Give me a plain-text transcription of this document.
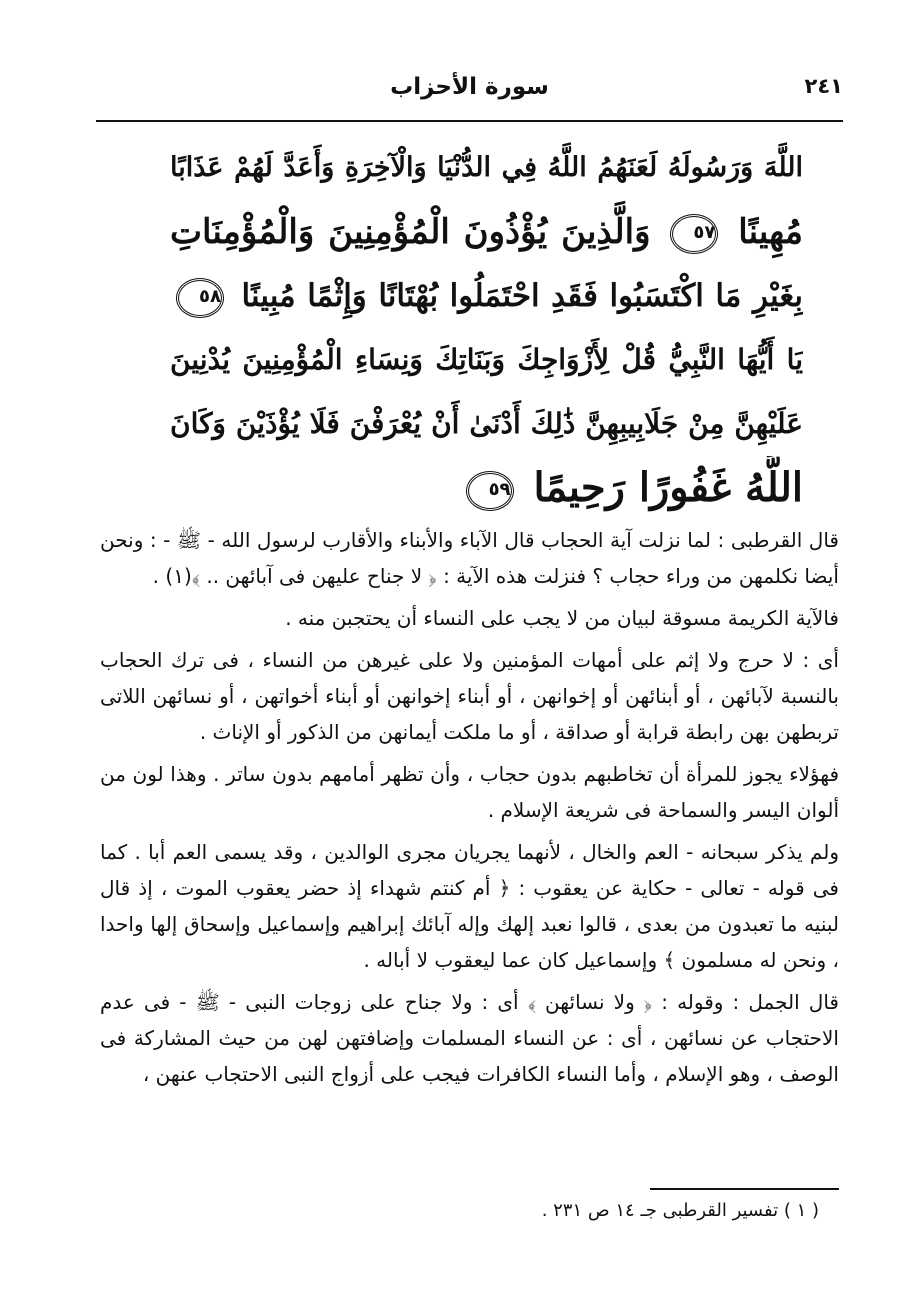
٢٤١
سورة الأحزاب
اللَّهَ وَرَسُولَهُ لَعَنَهُمُ اللَّهُ فِي الدُّنْيَا وَالْآخِرَةِ وَأَعَدَّ لَهُمْ عَذَابًا
مُهِينًا ٥٧ وَالَّذِينَ يُؤْذُونَ الْمُؤْمِنِينَ وَالْمُؤْمِنَاتِ
بِغَيْرِ مَا اكْتَسَبُوا فَقَدِ احْتَمَلُوا بُهْتَانًا وَإِثْمًا مُبِينًا ٥٨
يَا أَيُّهَا النَّبِيُّ قُلْ لِأَزْوَاجِكَ وَبَنَاتِكَ وَنِسَاءِ الْمُؤْمِنِينَ يُدْنِينَ
عَلَيْهِنَّ مِنْ جَلَابِيبِهِنَّ ذَٰلِكَ أَدْنَىٰ أَنْ يُعْرَفْنَ فَلَا يُؤْذَيْنَ وَكَانَ
اللَّهُ غَفُورًا رَحِيمًا ٥٩

قال القرطبى : لما نزلت آية الحجاب قال الآباء والأبناء والأقارب لرسول الله - ﷺ - : ونحن أيضا نكلمهن من وراء حجاب ؟ فنزلت هذه الآية : ﴿ لا جناح عليهن فى آبائهن .. ﴾(١) .

فالآية الكريمة مسوقة لبيان من لا يجب على النساء أن يحتجبن منه .

أى : لا حرج ولا إثم على أمهات المؤمنين ولا على غيرهن من النساء ، فى ترك الحجاب بالنسبة لآبائهن ، أو أبنائهن أو إخوانهن ، أو أبناء إخوانهن أو أبناء أخواتهن ، أو نسائهن اللاتى تربطهن بهن رابطة قرابة أو صداقة ، أو ما ملكت أيمانهن من الذكور أو الإناث .

فهؤلاء يجوز للمرأة أن تخاطبهم بدون حجاب ، وأن تظهر أمامهم بدون ساتر . وهذا لون من ألوان اليسر والسماحة فى شريعة الإسلام .

ولم يذكر سبحانه - العم والخال ، لأنهما يجريان مجرى الوالدين ، وقد يسمى العم أبا . كما فى قوله - تعالى - حكاية عن يعقوب : ﴿ أم كنتم شهداء إذ حضر يعقوب الموت ، إذ قال لبنيه ما تعبدون من بعدى ، قالوا نعبد إلهك وإله آبائك إبراهيم وإسماعيل وإسحاق إلها واحدا ، ونحن له مسلمون ﴾ وإسماعيل كان عما ليعقوب لا أباله .

قال الجمل : وقوله : ﴿ ولا نسائهن ﴾ أى : ولا جناح على زوجات النبى - ﷺ - فى عدم الاحتجاب عن نسائهن ، أى : عن النساء المسلمات وإضافتهن لهن من حيث المشاركة فى الوصف ، وهو الإسلام ، وأما النساء الكافرات فيجب على أزواج النبى الاحتجاب عنهن ،

( ١ ) تفسير القرطبى جـ ١٤ ص ٢٣١ .
